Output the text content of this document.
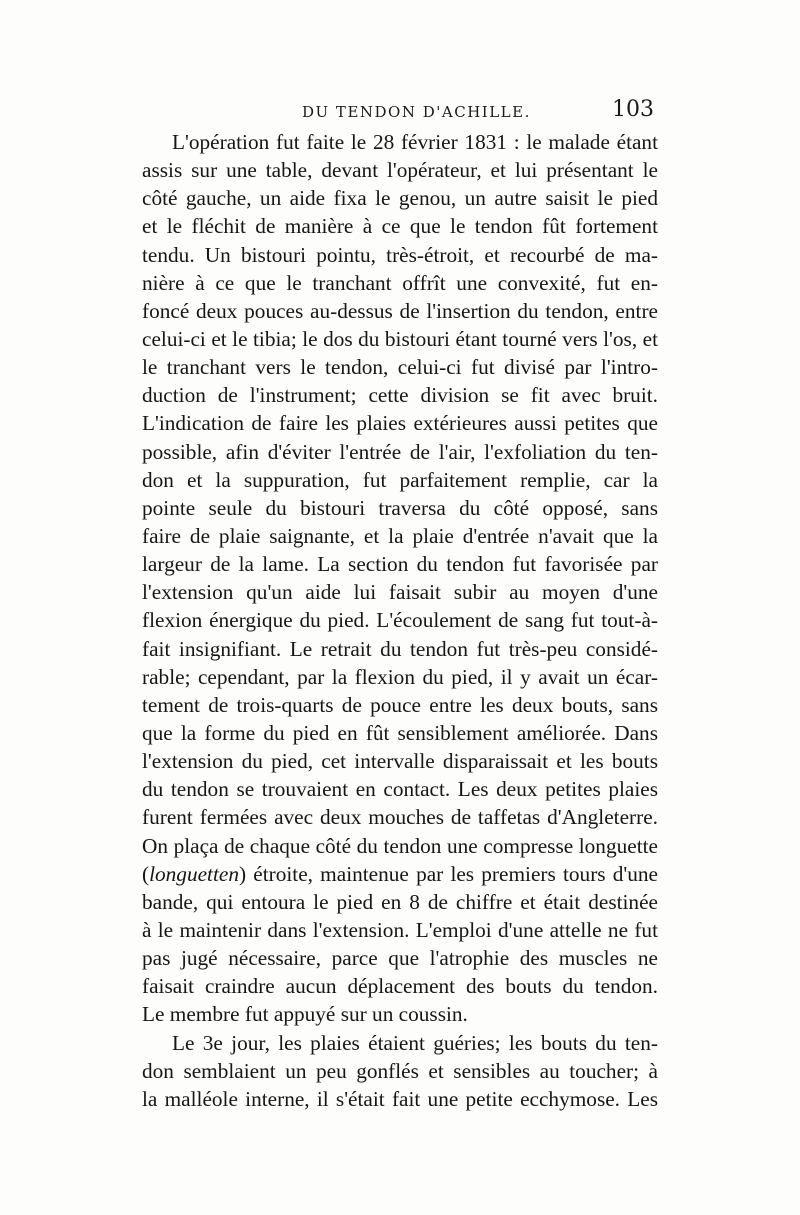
DU TENDON D'ACHILLE.	103
L'opération fut faite le 28 février 1831 : le malade étant
assis sur une table, devant l'opérateur, et lui présentant le
côté gauche, un aide fixa le genou, un autre saisit le pied
et le fléchit de manière à ce que le tendon fût fortement
tendu. Un bistouri pointu, très-étroit, et recourbé de ma-
nière à ce que le tranchant offrît une convexité, fut en-
foncé deux pouces au-dessus de l'insertion du tendon, entre
celui-ci et le tibia; le dos du bistouri étant tourné vers l'os, et
le tranchant vers le tendon, celui-ci fut divisé par l'intro-
duction de l'instrument; cette division se fit avec bruit.
L'indication de faire les plaies extérieures aussi petites que
possible, afin d'éviter l'entrée de l'air, l'exfoliation du ten-
don et la suppuration, fut parfaitement remplie, car la
pointe seule du bistouri traversa du côté opposé, sans
faire de plaie saignante, et la plaie d'entrée n'avait que la
largeur de la lame. La section du tendon fut favorisée par
l'extension qu'un aide lui faisait subir au moyen d'une
flexion énergique du pied. L'écoulement de sang fut tout-à-
fait insignifiant. Le retrait du tendon fut très-peu considé-
rable; cependant, par la flexion du pied, il y avait un écar-
tement de trois-quarts de pouce entre les deux bouts, sans
que la forme du pied en fût sensiblement améliorée. Dans
l'extension du pied, cet intervalle disparaissait et les bouts
du tendon se trouvaient en contact. Les deux petites plaies
furent fermées avec deux mouches de taffetas d'Angleterre.
On plaça de chaque côté du tendon une compresse longuette
(longuetten) étroite, maintenue par les premiers tours d'une
bande, qui entoura le pied en 8 de chiffre et était destinée
à le maintenir dans l'extension. L'emploi d'une attelle ne fut
pas jugé nécessaire, parce que l'atrophie des muscles ne
faisait craindre aucun déplacement des bouts du tendon.
Le membre fut appuyé sur un coussin.
Le 3e jour, les plaies étaient guéries; les bouts du ten-
don semblaient un peu gonflés et sensibles au toucher; à
la malléole interne, il s'était fait une petite ecchymose. Les
